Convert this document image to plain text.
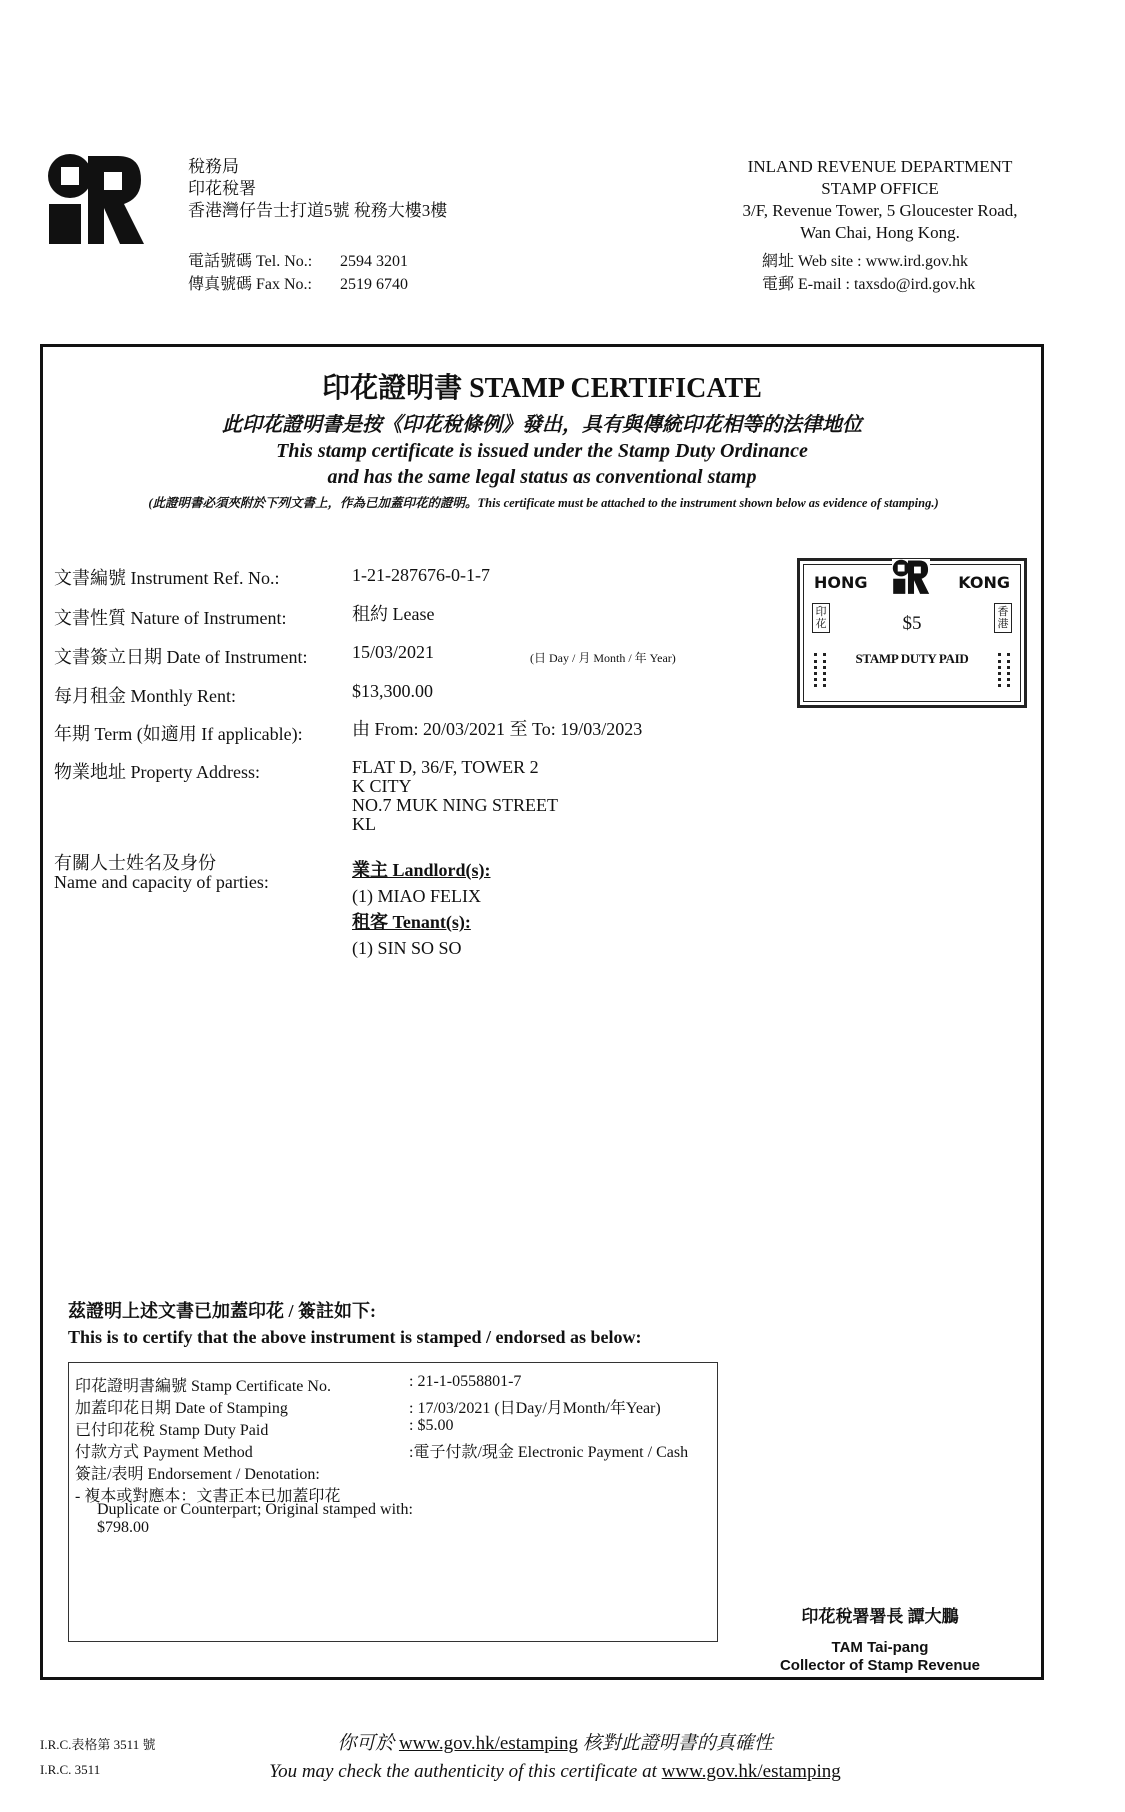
稅務局
印花稅署
香港灣仔告士打道5號 稅務大樓3樓
INLAND REVENUE DEPARTMENT
STAMP OFFICE
3/F, Revenue Tower, 5 Gloucester Road,
Wan Chai, Hong Kong.
電話號碼 Tel. No.: 2594 3201
傳真號碼 Fax No.: 2519 6740
網址 Web site : www.ird.gov.hk
電郵 E-mail : taxsdo@ird.gov.hk
印花證明書 STAMP CERTIFICATE
此印花證明書是按《印花稅條例》發出，具有與傳統印花相等的法律地位
This stamp certificate is issued under the Stamp Duty Ordinance
and has the same legal status as conventional stamp
(此證明書必須夾附於下列文書上，作為已加蓋印花的證明。This certificate must be attached to the instrument shown below as evidence of stamping.)
文書編號 Instrument Ref. No.:	1-21-287676-0-1-7
文書性質 Nature of Instrument:	租約 Lease
文書簽立日期 Date of Instrument: 15/03/2021	(日 Day / 月 Month / 年 Year)
每月租金 Monthly Rent:	$13,300.00
年期 Term (如適用 If applicable):	由 From: 20/03/2021 至 To: 19/03/2023
物業地址 Property Address:	FLAT D, 36/F, TOWER 2
K CITY
NO.7 MUK NING STREET
KL
有關人士姓名及身份
Name and capacity of parties:
業主 Landlord(s):
(1) MIAO FELIX
租客 Tenant(s):
(1) SIN SO SO
HONG	KONG
$5
STAMP DUTY PAID
印花
香港
茲證明上述文書已加蓋印花 / 簽註如下:
This is to certify that the above instrument is stamped / endorsed as below:
印花證明書編號 Stamp Certificate No.	: 21-1-0558801-7
加蓋印花日期 Date of Stamping	: 17/03/2021 (日Day/月Month/年Year)
已付印花稅 Stamp Duty Paid	: $5.00
付款方式 Payment Method	:電子付款/現金 Electronic Payment / Cash
簽註/表明 Endorsement / Denotation:
- 複本或對應本：文書正本已加蓋印花
Duplicate or Counterpart; Original stamped with:
$798.00
印花稅署署長 譚大鵬
TAM Tai-pang
Collector of Stamp Revenue
I.R.C.表格第 3511 號
I.R.C. 3511
你可於 www.gov.hk/estamping 核對此證明書的真確性
You may check the authenticity of this certificate at www.gov.hk/estamping
